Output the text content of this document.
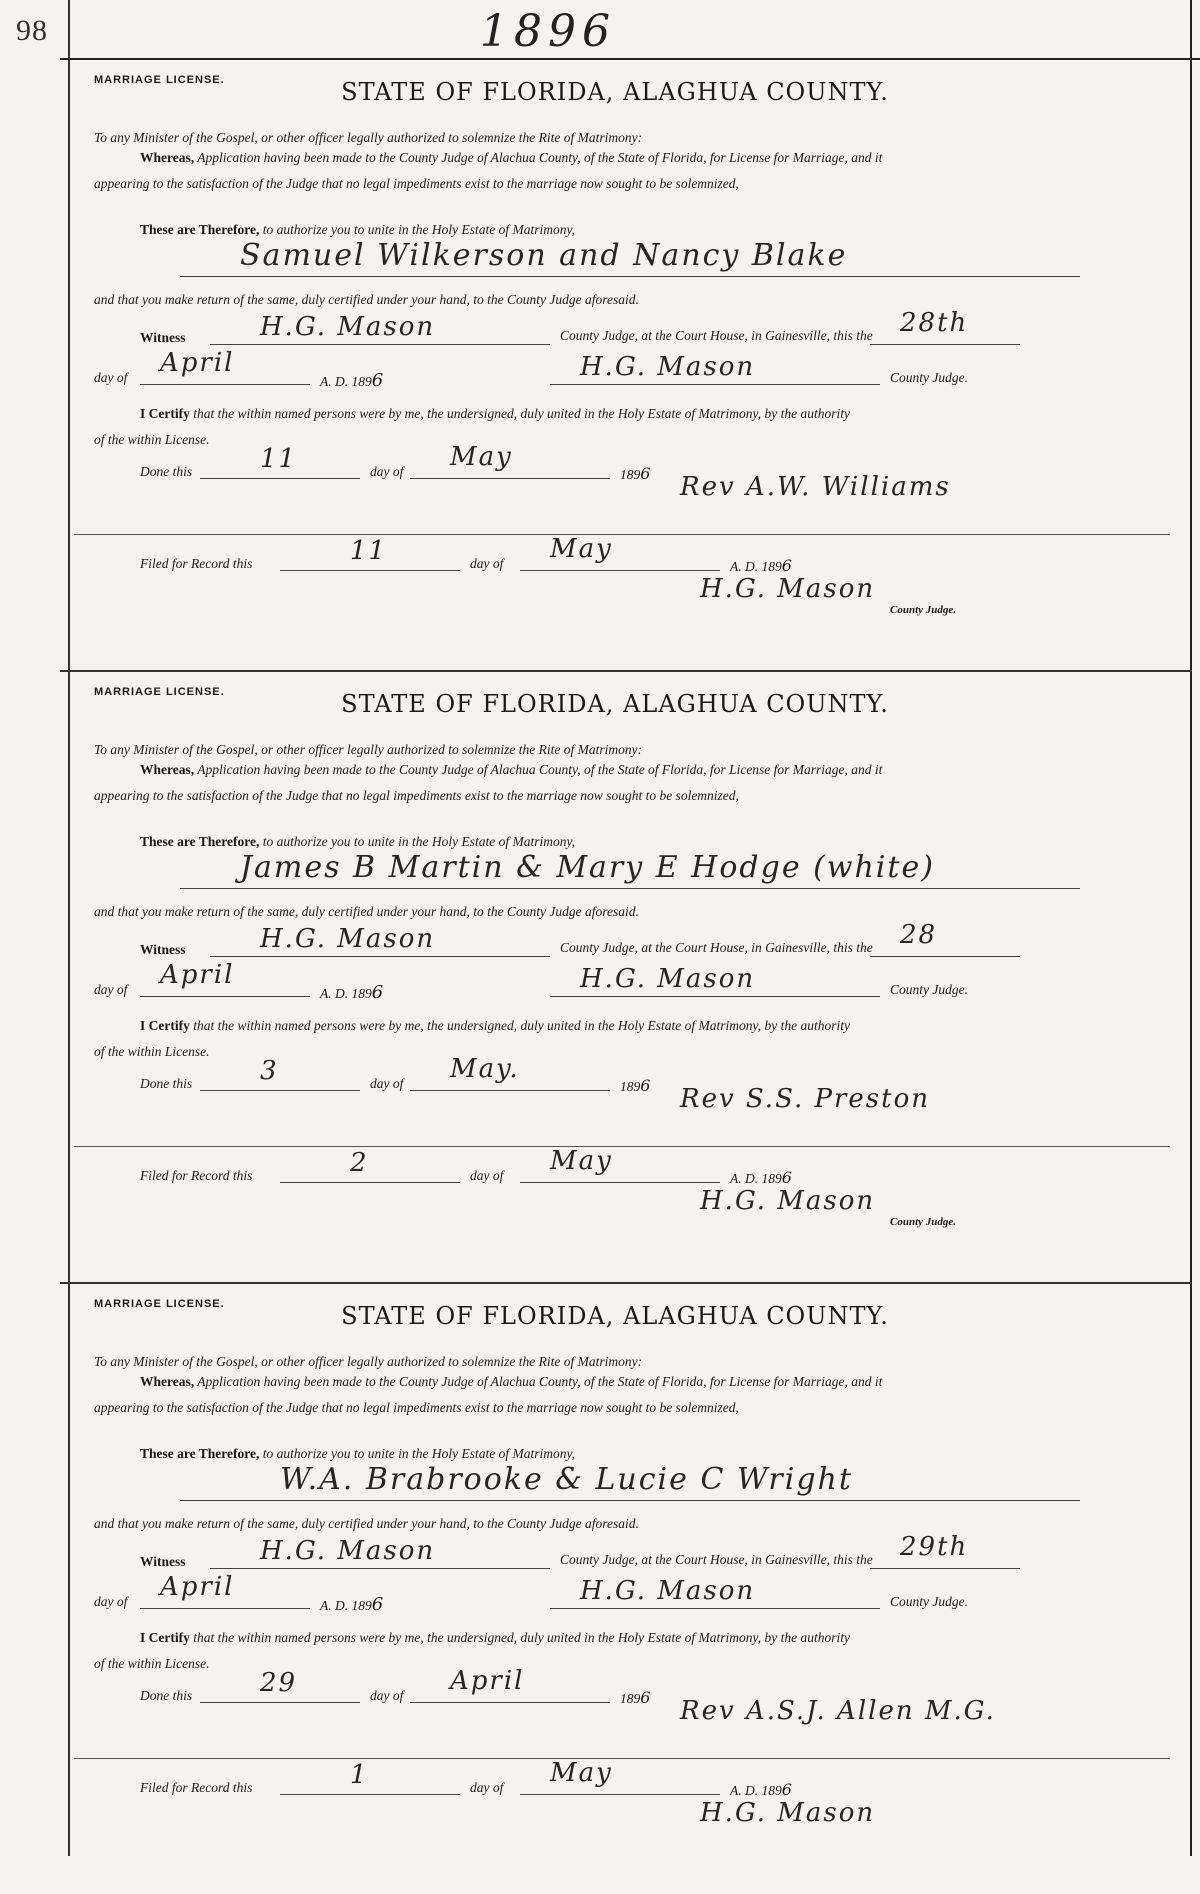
98	1896
MARRIAGE LICENSE.	STATE OF FLORIDA, ALAGHUA COUNTY.
To any Minister of the Gospel, or other officer legally authorized to solemnize the Rite of Matrimony:
Whereas, Application having been made to the County Judge of Alachua County, of the State of Florida, for License for Marriage, and it
appearing to the satisfaction of the Judge that no legal impediments exist to the marriage now sought to be solemnized,
These are Therefore, to authorize you to unite in the Holy Estate of Matrimony,
Samuel Wilkerson and Nancy Blake
and that you make return of the same, duly certified under your hand, to the County Judge aforesaid.
Witness	H.G. Mason	County Judge, at the Court House, in Gainesville, this the 28th
day of April
A. D. 1896	H.G. Mason	County Judge.
I Certify that the within named persons were by me, the undersigned, duly united in the Holy Estate of Matrimony, by the authority
of the within License.
Done this	11	day of May
1896 Rev A.W. Williams
Filed for Record this	11	day of May
A. D. 1896
H.G. Mason
County Judge.
MARRIAGE LICENSE.	STATE OF FLORIDA, ALAGHUA COUNTY.
To any Minister of the Gospel, or other officer legally authorized to solemnize the Rite of Matrimony:
Whereas, Application having been made to the County Judge of Alachua County, of the State of Florida, for License for Marriage, and it
appearing to the satisfaction of the Judge that no legal impediments exist to the marriage now sought to be solemnized,
These are Therefore, to authorize you to unite in the Holy Estate of Matrimony,
James B Martin & Mary E Hodge (white)
and that you make return of the same, duly certified under your hand, to the County Judge aforesaid.
Witness	H.G. Mason	County Judge, at the Court House, in Gainesville, this the 28
day of April
A. D. 1896	H.G. Mason	County Judge.
I Certify that the within named persons were by me, the undersigned, duly united in the Holy Estate of Matrimony, by the authority
of the within License.
Done this	3	day of May.
1896 Rev S.S. Preston
Filed for Record this	2	day of May
A. D. 1896
H.G. Mason
County Judge.
MARRIAGE LICENSE.	STATE OF FLORIDA, ALAGHUA COUNTY.
To any Minister of the Gospel, or other officer legally authorized to solemnize the Rite of Matrimony:
Whereas, Application having been made to the County Judge of Alachua County, of the State of Florida, for License for Marriage, and it
appearing to the satisfaction of the Judge that no legal impediments exist to the marriage now sought to be solemnized,
These are Therefore, to authorize you to unite in the Holy Estate of Matrimony,
W.A. Brabrooke & Lucie C Wright
and that you make return of the same, duly certified under your hand, to the County Judge aforesaid.
Witness	H.G. Mason	County Judge, at the Court House, in Gainesville, this the 29th
day of April
A. D. 1896	H.G. Mason	County Judge.
I Certify that the within named persons were by me, the undersigned, duly united in the Holy Estate of Matrimony, by the authority
of the within License.
Done this	29	day of April
1896 Rev A.S.J. Allen M.G.
Filed for Record this	1	day of May
A. D. 1896
H.G. Mason
